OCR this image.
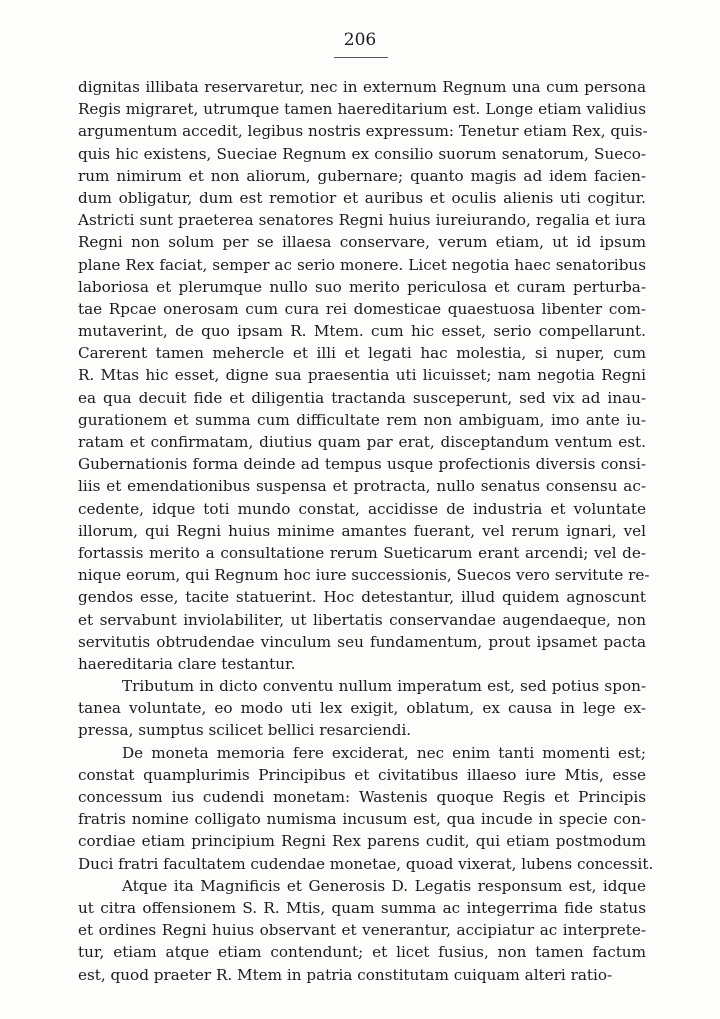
206
dignitas illibata reservaretur, nec in externum Regnum una cum persona
Regis migraret, utrumque tamen haereditarium est. Longe etiam validius
argumentum accedit, legibus nostris expressum: Tenetur etiam Rex, quis-
quis hic existens, Sueciae Regnum ex consilio suorum senatorum, Sueco-
rum nimirum et non aliorum, gubernare; quanto magis ad idem facien-
dum obligatur, dum est remotior et auribus et oculis alienis uti cogitur.
Astricti sunt praeterea senatores Regni huius iureiurando, regalia et iura
Regni non solum per se illaesa conservare, verum etiam, ut id ipsum
plane Rex faciat, semper ac serio monere. Licet negotia haec senatoribus
laboriosa et plerumque nullo suo merito periculosa et curam perturba-
tae Rpcae onerosam cum cura rei domesticae quaestuosa libenter com-
mutaverint, de quo ipsam R. Mtem. cum hic esset, serio compellarunt.
Carerent tamen mehercle et illi et legati hac molestia, si nuper, cum
R. Mtas hic esset, digne sua praesentia uti licuisset; nam negotia Regni
ea qua decuit fide et diligentia tractanda susceperunt, sed vix ad inau-
gurationem et summa cum difficultate rem non ambiguam, imo ante iu-
ratam et confirmatam, diutius quam par erat, disceptandum ventum est.
Gubernationis forma deinde ad tempus usque profectionis diversis consi-
liis et emendationibus suspensa et protracta, nullo senatus consensu ac-
cedente, idque toti mundo constat, accidisse de industria et voluntate
illorum, qui Regni huius minime amantes fuerant, vel rerum ignari, vel
fortassis merito a consultatione rerum Sueticarum erant arcendi; vel de-
nique eorum, qui Regnum hoc iure successionis, Suecos vero servitute re-
gendos esse, tacite statuerint. Hoc detestantur, illud quidem agnoscunt
et servabunt inviolabiliter, ut libertatis conservandae augendaeque, non
servitutis obtrudendae vinculum seu fundamentum, prout ipsamet pacta
haereditaria clare testantur.
Tributum in dicto conventu nullum imperatum est, sed potius spon-
tanea voluntate, eo modo uti lex exigit, oblatum, ex causa in lege ex-
pressa, sumptus scilicet bellici resarciendi.
De moneta memoria fere exciderat, nec enim tanti momenti est;
constat quamplurimis Principibus et civitatibus illaeso iure Mtis, esse
concessum ius cudendi monetam: Wastenis quoque Regis et Principis
fratris nomine colligato numisma incusum est, qua incude in specie con-
cordiae etiam principium Regni Rex parens cudit, qui etiam postmodum
Duci fratri facultatem cudendae monetae, quoad vixerat, lubens concessit.
Atque ita Magnificis et Generosis D. Legatis responsum est, idque
ut citra offensionem S. R. Mtis, quam summa ac integerrima fide status
et ordines Regni huius observant et venerantur, accipiatur ac interprete-
tur, etiam atque etiam contendunt; et licet fusius, non tamen factum
est, quod praeter R. Mtem in patria constitutam cuiquam alteri ratio-
